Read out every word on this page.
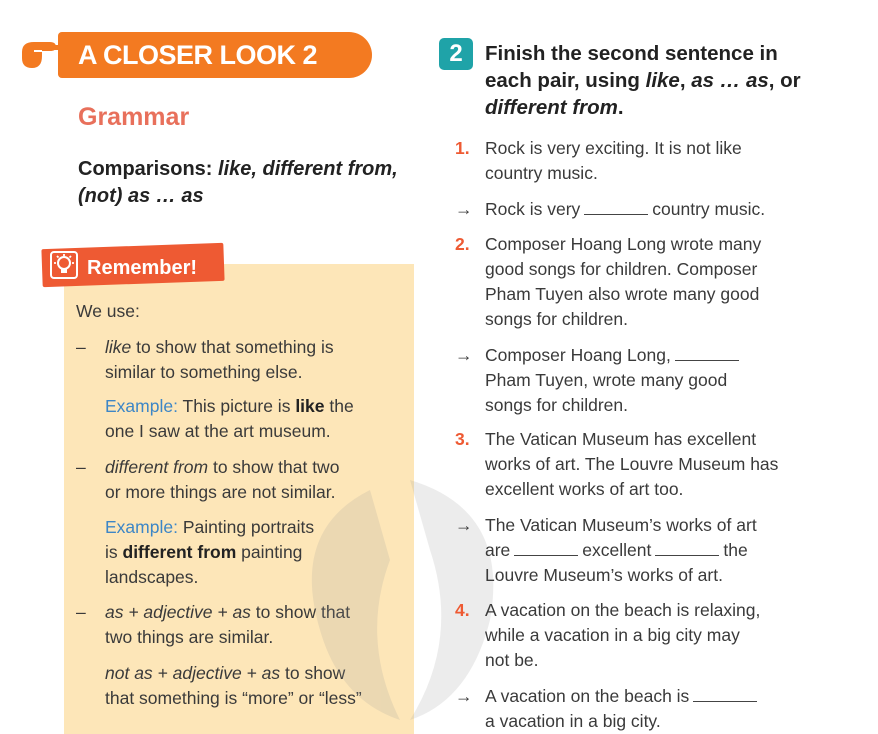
A CLOSER LOOK 2
Grammar
Comparisons: like, different from, (not) as … as
Remember!
We use:
– like to show that something is
similar to something else.
Example: This picture is like the
one I saw at the art museum.
– different from to show that two
or more things are not similar.
Example: Painting portraits
is different from painting
landscapes.
– as + adjective + as to show that
two things are similar.
not as + adjective + as to show
that something is “more” or “less”
2	Finish the second sentence in
each pair, using like, as … as, or
different from.
1. Rock is very exciting. It is not like
country music.
→ Rock is very	country music.
2. Composer Hoang Long wrote many
good songs for children. Composer
Pham Tuyen also wrote many good
songs for children.
→ Composer Hoang Long,
Pham Tuyen, wrote many good
songs for children.
3. The Vatican Museum has excellent
works of art. The Louvre Museum has
excellent works of art too.
→ The Vatican Museum’s works of art
are	excellent	the
Louvre Museum’s works of art.
4. A vacation on the beach is relaxing,
while a vacation in a big city may
not be.
→ A vacation on the beach is
a vacation in a big city.
